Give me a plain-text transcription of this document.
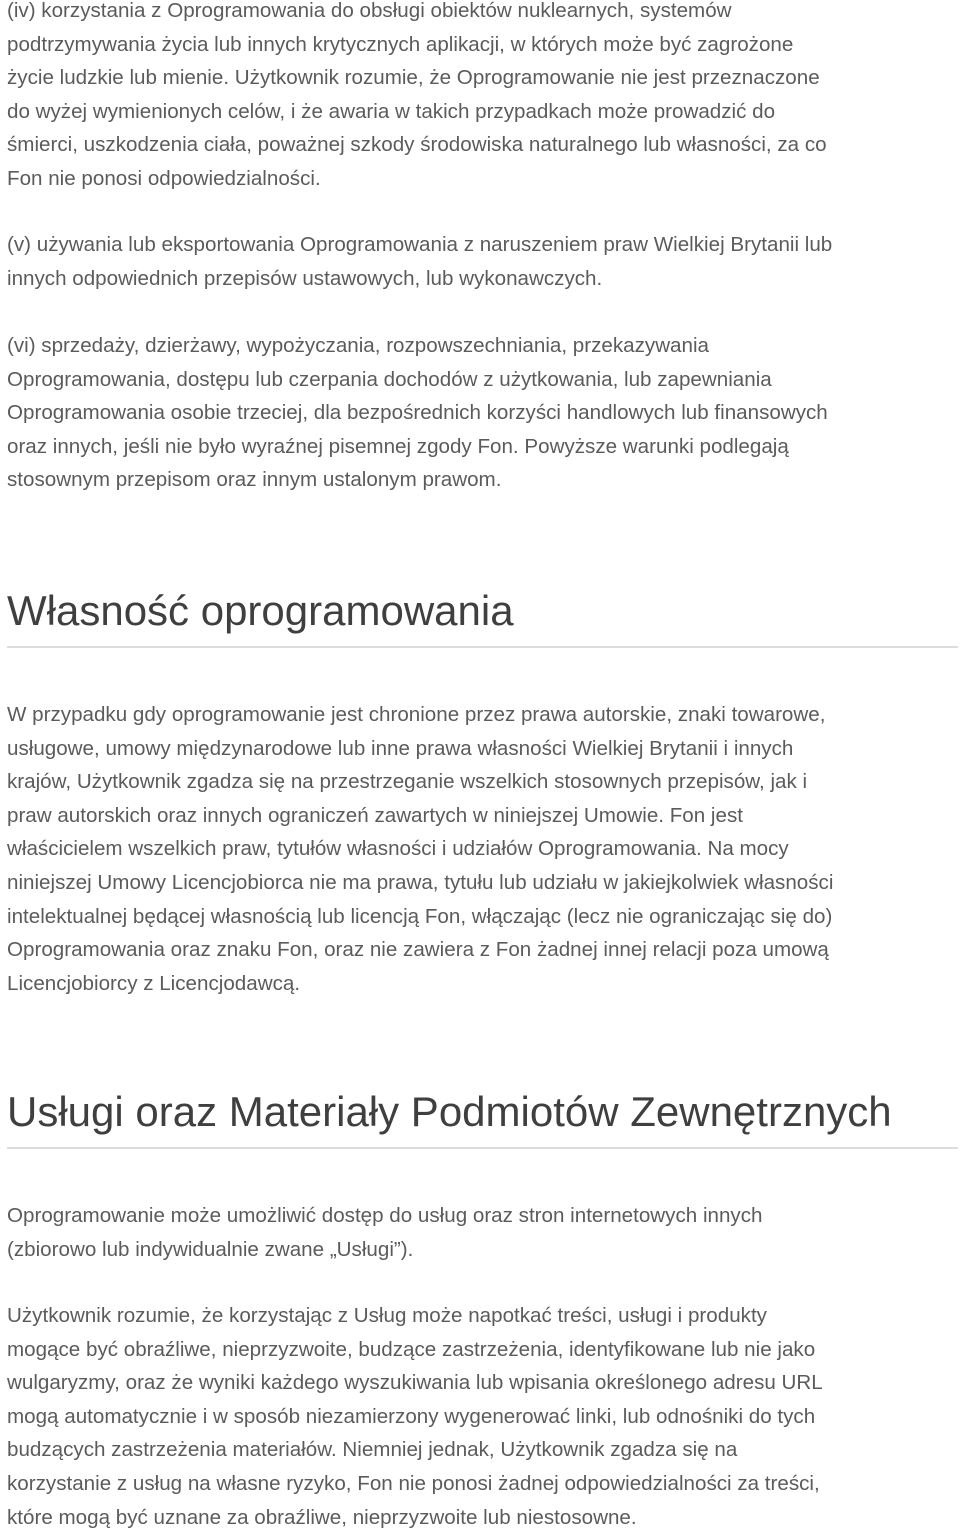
(iv) korzystania z Oprogramowania do obsługi obiektów nuklearnych, systemów
podtrzymywania życia lub innych krytycznych aplikacji, w których może być zagrożone
życie ludzkie lub mienie. Użytkownik rozumie, że Oprogramowanie nie jest przeznaczone
do wyżej wymienionych celów, i że awaria w takich przypadkach może prowadzić do
śmierci, uszkodzenia ciała, poważnej szkody środowiska naturalnego lub własności, za co
Fon nie ponosi odpowiedzialności.

(v) używania lub eksportowania Oprogramowania z naruszeniem praw Wielkiej Brytanii lub
innych odpowiednich przepisów ustawowych, lub wykonawczych.

(vi) sprzedaży, dzierżawy, wypożyczania, rozpowszechniania, przekazywania
Oprogramowania, dostępu lub czerpania dochodów z użytkowania, lub zapewniania
Oprogramowania osobie trzeciej, dla bezpośrednich korzyści handlowych lub finansowych
oraz innych, jeśli nie było wyraźnej pisemnej zgody Fon. Powyższe warunki podlegają
stosownym przepisom oraz innym ustalonym prawom.

Własność oprogramowania

W przypadku gdy oprogramowanie jest chronione przez prawa autorskie, znaki towarowe,
usługowe, umowy międzynarodowe lub inne prawa własności Wielkiej Brytanii i innych
krajów, Użytkownik zgadza się na przestrzeganie wszelkich stosownych przepisów, jak i
praw autorskich oraz innych ograniczeń zawartych w niniejszej Umowie. Fon jest
właścicielem wszelkich praw, tytułów własności i udziałów Oprogramowania. Na mocy
niniejszej Umowy Licencjobiorca nie ma prawa, tytułu lub udziału w jakiejkolwiek własności
intelektualnej będącej własnością lub licencją Fon, włączając (lecz nie ograniczając się do)
Oprogramowania oraz znaku Fon, oraz nie zawiera z Fon żadnej innej relacji poza umową
Licencjobiorcy z Licencjodawcą.

Usługi oraz Materiały Podmiotów Zewnętrznych

Oprogramowanie może umożliwić dostęp do usług oraz stron internetowych innych
(zbiorowo lub indywidualnie zwane „Usługi”).

Użytkownik rozumie, że korzystając z Usług może napotkać treści, usługi i produkty
mogące być obraźliwe, nieprzyzwoite, budzące zastrzeżenia, identyfikowane lub nie jako
wulgaryzmy, oraz że wyniki każdego wyszukiwania lub wpisania określonego adresu URL
mogą automatycznie i w sposób niezamierzony wygenerować linki, lub odnośniki do tych
budzących zastrzeżenia materiałów. Niemniej jednak, Użytkownik zgadza się na
korzystanie z usług na własne ryzyko, Fon nie ponosi żadnej odpowiedzialności za treści,
które mogą być uznane za obraźliwe, nieprzyzwoite lub niestosowne.
